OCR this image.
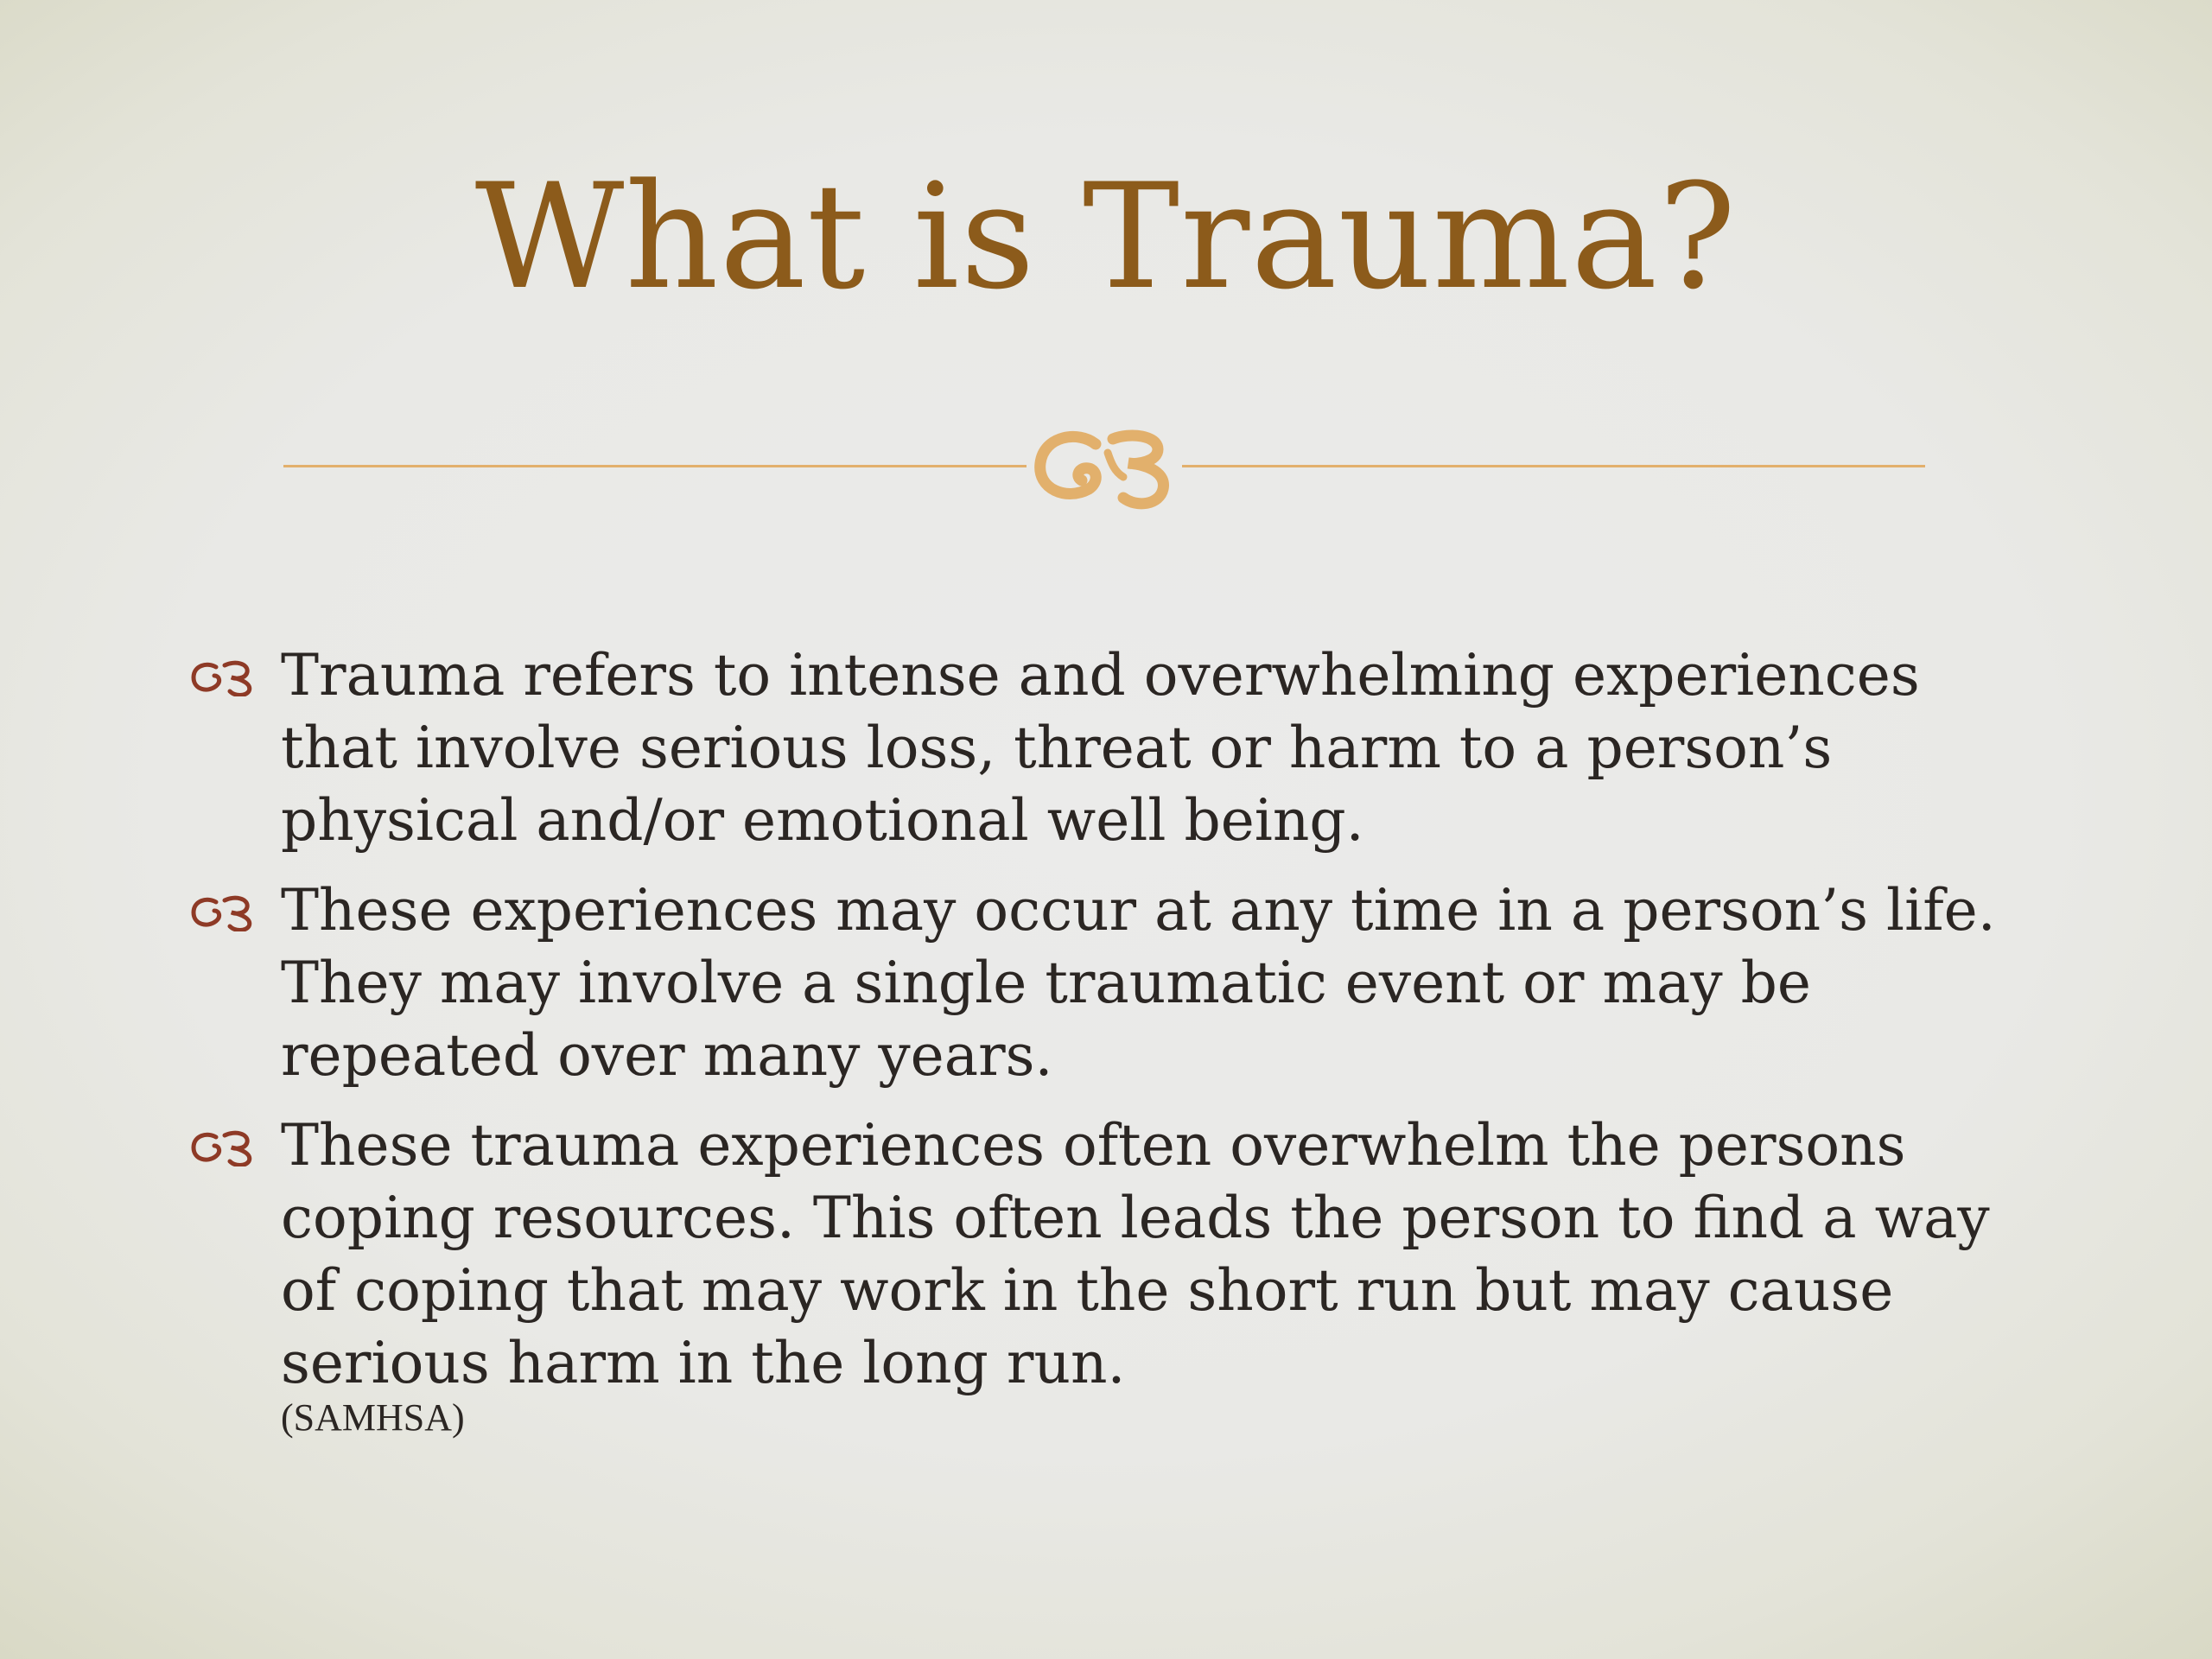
What is Trauma?
Trauma refers to intense and overwhelming experiences that involve serious loss, threat or harm to a person’s physical and/or emotional well being.
These experiences may occur at any time in a person’s life. They may involve a single traumatic event or may be repeated over many years.
These trauma experiences often overwhelm the persons coping resources. This often leads the person to find a way of coping that may work in the short run but may cause serious harm in the long run.
(SAMHSA)
